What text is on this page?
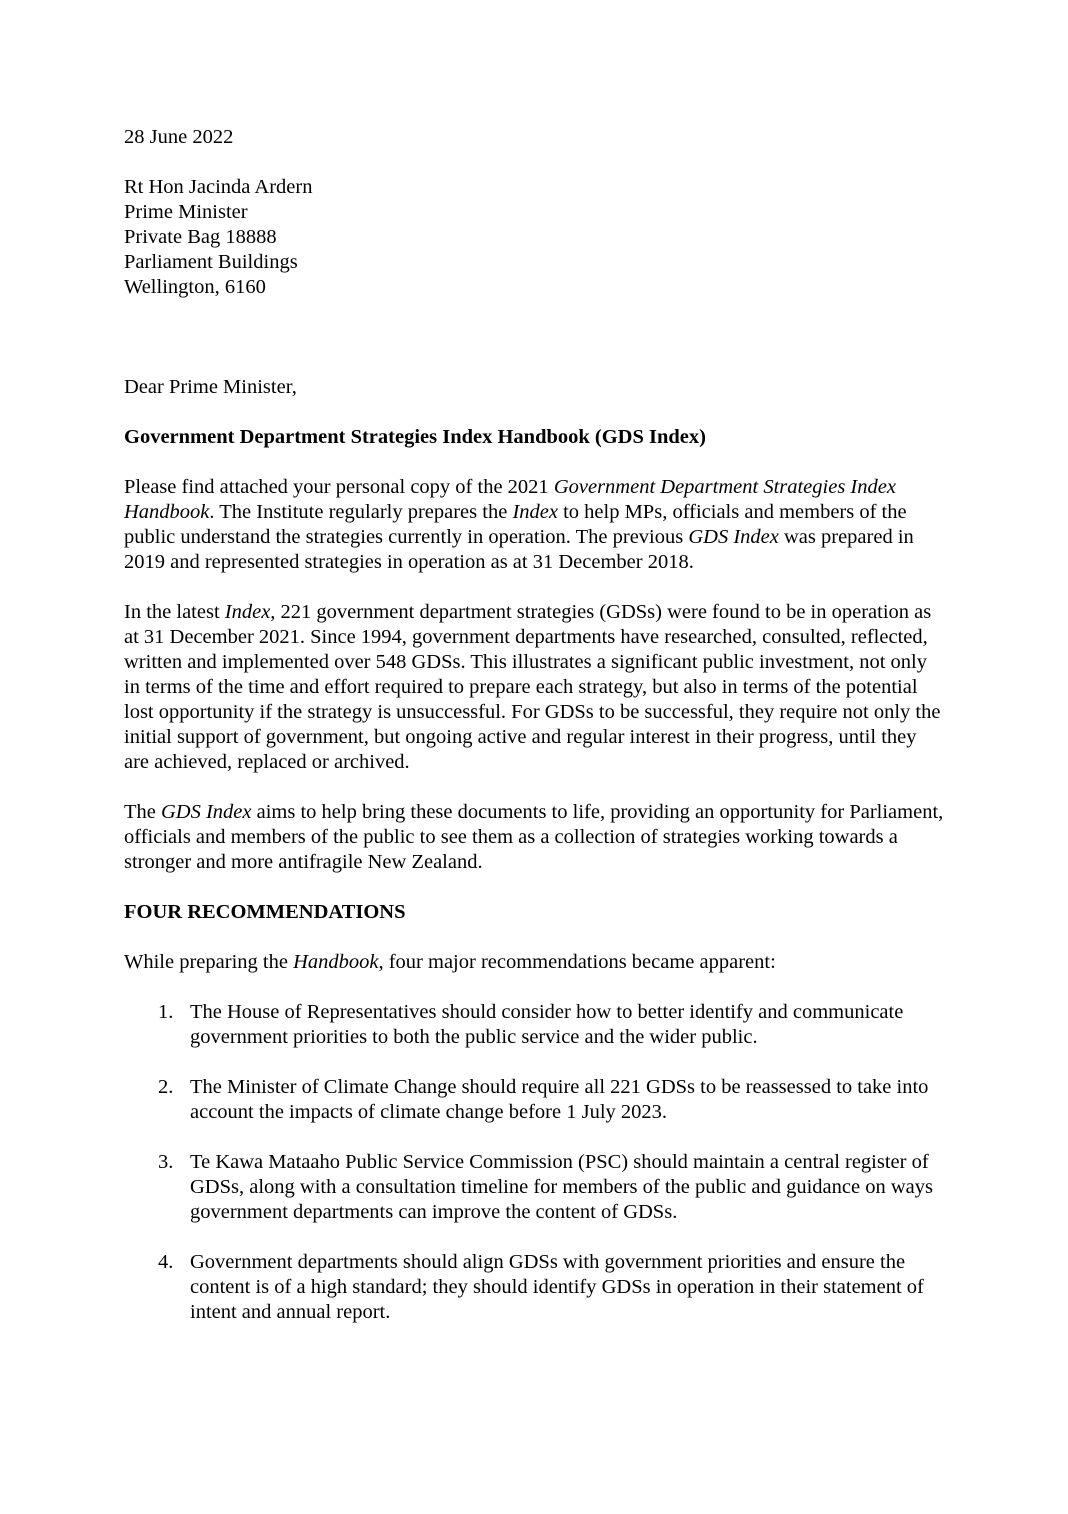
28 June 2022

Rt Hon Jacinda Ardern
Prime Minister
Private Bag 18888
Parliament Buildings
Wellington, 6160

Dear Prime Minister,

Government Department Strategies Index Handbook (GDS Index)

Please find attached your personal copy of the 2021 Government Department Strategies Index Handbook. The Institute regularly prepares the Index to help MPs, officials and members of the public understand the strategies currently in operation. The previous GDS Index was prepared in 2019 and represented strategies in operation as at 31 December 2018.

In the latest Index, 221 government department strategies (GDSs) were found to be in operation as at 31 December 2021. Since 1994, government departments have researched, consulted, reflected, written and implemented over 548 GDSs. This illustrates a significant public investment, not only in terms of the time and effort required to prepare each strategy, but also in terms of the potential lost opportunity if the strategy is unsuccessful. For GDSs to be successful, they require not only the initial support of government, but ongoing active and regular interest in their progress, until they are achieved, replaced or archived.

The GDS Index aims to help bring these documents to life, providing an opportunity for Parliament, officials and members of the public to see them as a collection of strategies working towards a stronger and more antifragile New Zealand.

FOUR RECOMMENDATIONS

While preparing the Handbook, four major recommendations became apparent:

1. The House of Representatives should consider how to better identify and communicate government priorities to both the public service and the wider public.
2. The Minister of Climate Change should require all 221 GDSs to be reassessed to take into account the impacts of climate change before 1 July 2023.
3. Te Kawa Mataaho Public Service Commission (PSC) should maintain a central register of GDSs, along with a consultation timeline for members of the public and guidance on ways government departments can improve the content of GDSs.
4. Government departments should align GDSs with government priorities and ensure the content is of a high standard; they should identify GDSs in operation in their statement of intent and annual report.
